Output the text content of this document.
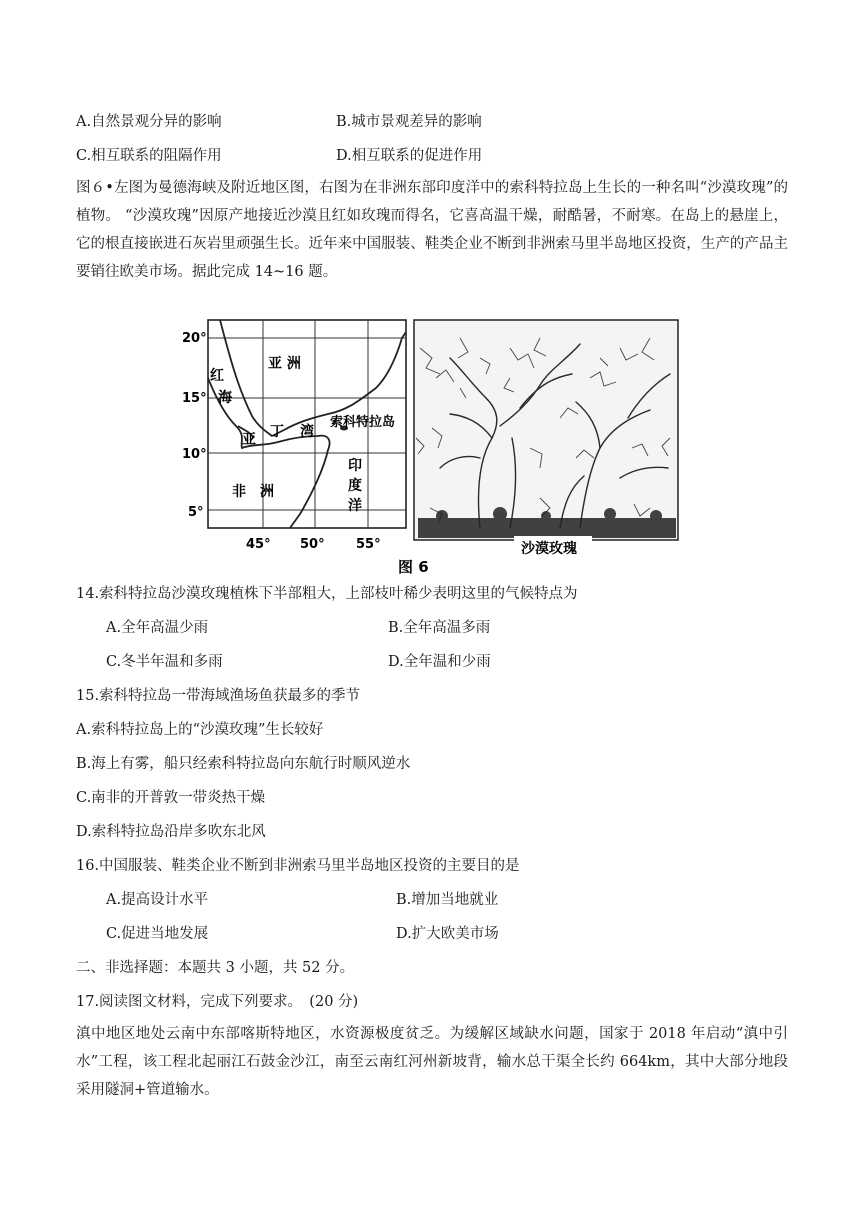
A.自然景观分异的影响	B.城市景观差异的影响
C.相互联系的阻隔作用	D.相互联系的促进作用
图６•左图为曼德海峡及附近地区图，右图为在非洲东部印度洋中的索科特拉岛上生长的一种名叫“沙漠玫瑰”的植物。 “沙漠玫瑰”因原产地接近沙漠且红如玫瑰而得名，它喜高温干燥，耐酷暑，不耐寒。在岛上的悬崖上，它的根直接嵌进石灰岩里顽强生长。近年来中国服装、鞋类企业不断到非洲索马里半岛地区投资，生产的产品主要销往欧美市场。据此完成 14~16 题。
20°
15°
10°
5°
45° 50° 55°
亚 洲
红
海
亚 丁 湾
索科特拉岛
非　洲
印
度
洋
沙漠玫瑰
图 6
14.索科特拉岛沙漠玫瑰植株下半部粗大，上部枝叶稀少表明这里的气候特点为
A.全年高温少雨	B.全年高温多雨
C.冬半年温和多雨	D.全年温和少雨
15.索科特拉岛一带海域渔场鱼获最多的季节
A.索科特拉岛上的“沙漠玫瑰”生长较好
B.海上有雾，船只经索科特拉岛向东航行时顺风逆水
C.南非的开普敦一带炎热干燥
D.索科特拉岛沿岸多吹东北风
16.中国服装、鞋类企业不断到非洲索马里半岛地区投资的主要目的是
A.提高设计水平	B.增加当地就业
C.促进当地发展	D.扩大欧美市场
二、非选择题：本题共 3 小题，共 52 分。
17.阅读图文材料，完成下列要求。　(20 分)
滇中地区地处云南中东部喀斯特地区，水资源极度贫乏。为缓解区域缺水问题，国家于 2018 年启动“滇中引水”工程，该工程北起丽江石鼓金沙江，南至云南红河州新坡背，输水总干渠全长约 664km，其中大部分地段采用隧洞+管道输水。
